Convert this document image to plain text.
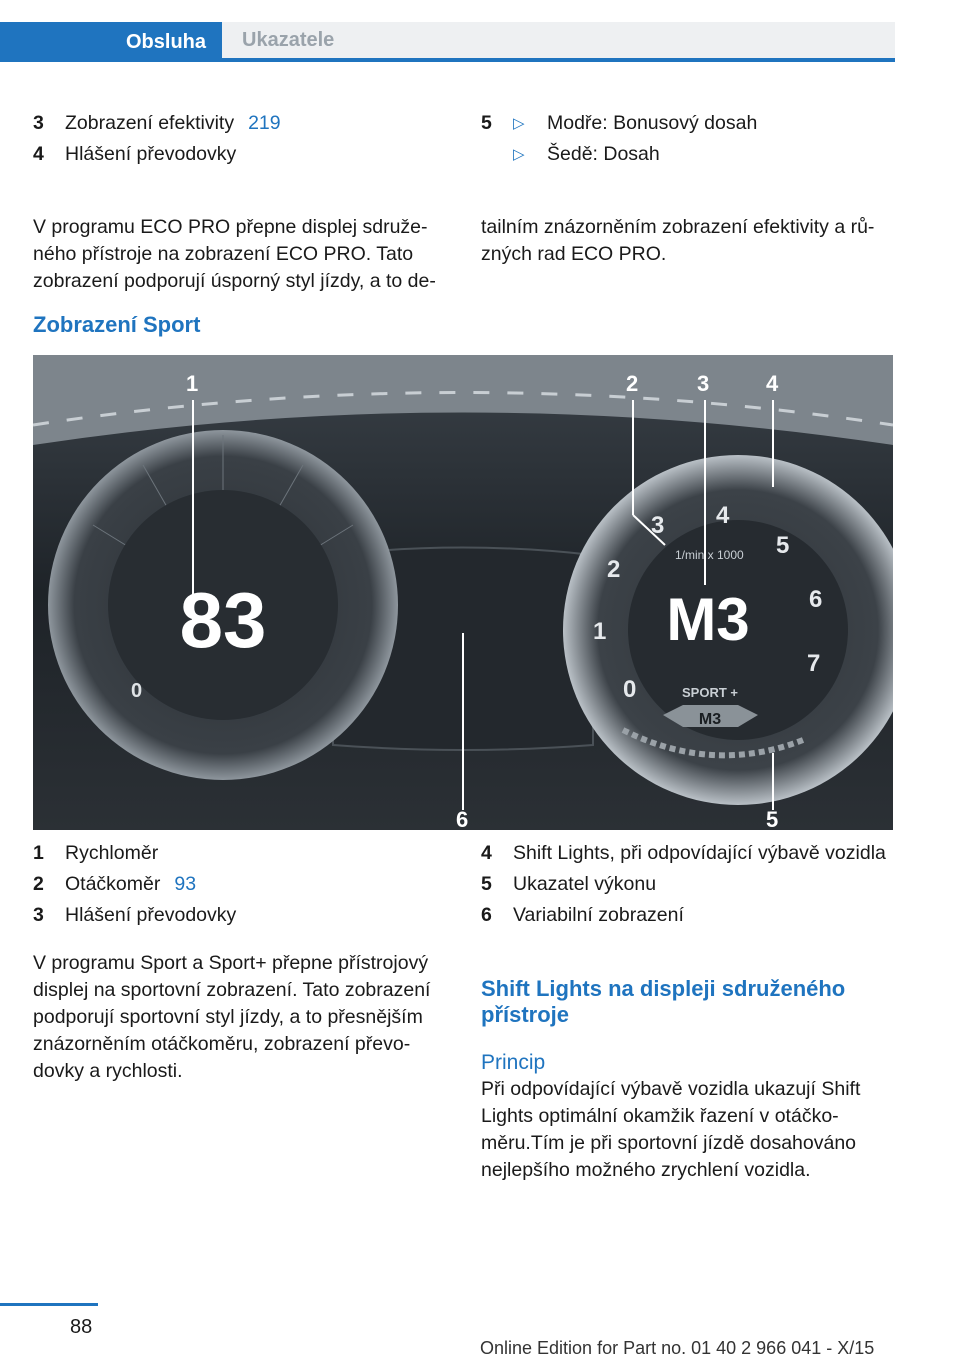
Obsluha Ukazatele
3	Zobrazení efektivity 219
4	Hlášení převodovky
5	▷	Modře: Bonusový dosah
▷	Šedě: Dosah
V programu ECO PRO přepne displej sdruže-ného přístroje na zobrazení ECO PRO. Tato zobrazení podporují úsporný styl jízdy, a to de-
tailním znázorněním zobrazení efektivity a rů-zných rad ECO PRO.
Zobrazení Sport
83
0	0
1
2
3 4
5
6
7
1/min x 1000
M3
SPORT +
M3
1	2	3	4
5
6
1	Rychloměr
2	Otáčkoměr 93
3	Hlášení převodovky
4	Shift Lights, při odpovídající výbavě vozidla
5	Ukazatel výkonu
6	Variabilní zobrazení
V programu Sport a Sport+ přepne přístrojový displej na sportovní zobrazení. Tato zobrazení podporují sportovní styl jízdy, a to přesnějším znázorněním otáčkoměru, zobrazení převo-dovky a rychlosti.
Shift Lights na displeji sdruženého přístroje
Princip
Při odpovídající výbavě vozidla ukazují Shift Lights optimální okamžik řazení v otáčko-měru.Tím je při sportovní jízdě dosahováno nejlepšího možného zrychlení vozidla.
88
Online Edition for Part no. 01 40 2 966 041 - X/15
